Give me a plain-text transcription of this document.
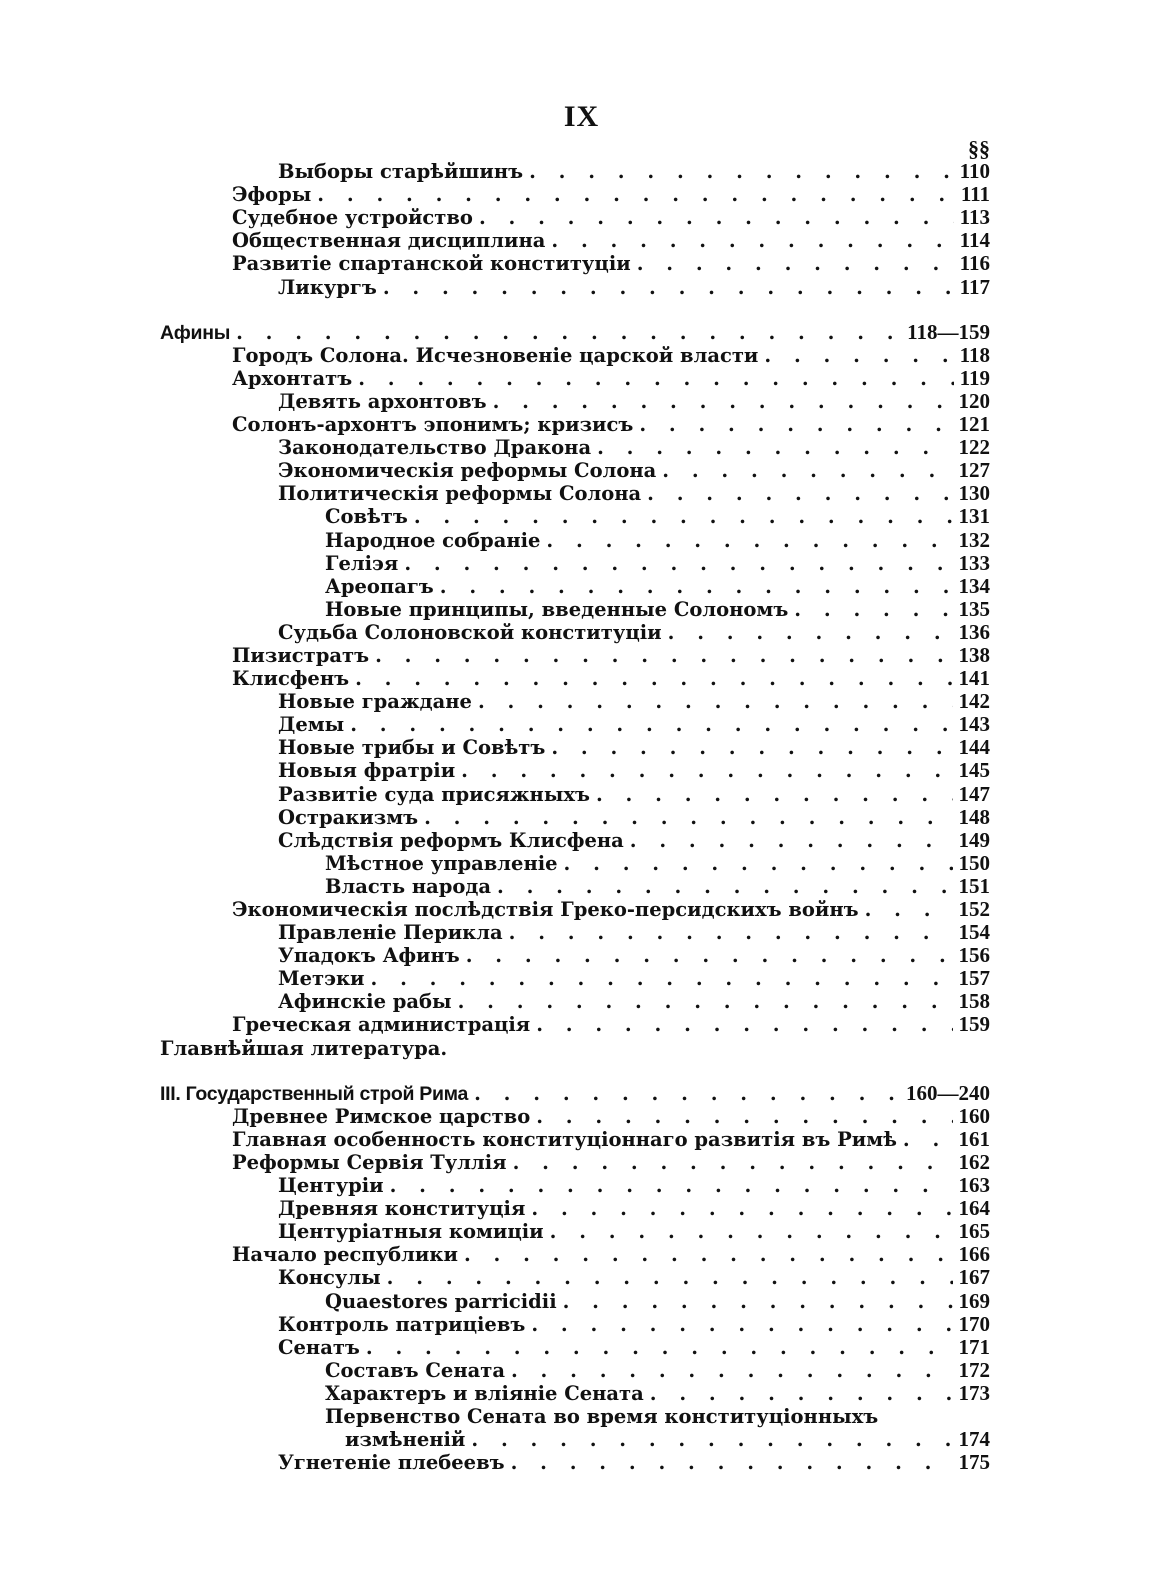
IX
§§
Выборы старѣйшинъ . . .	110
Эфоры . . .	111
Судебное устройство . . .	113
Общественная дисциплина . . .	114
Развитіе спартанской конституціи . . .	116
Ликургъ . . .	117
Афины . . .	118—159
Городъ Солона. Исчезновеніе царской власти . . .	118
Архонтатъ . . .	119
Девять архонтовъ . . .	120
Солонъ-архонтъ эпонимъ; кризисъ . . .	121
Законодательство Дракона . . .	122
Экономическія реформы Солона . . .	127
Политическія реформы Солона . . .	130
Совѣтъ . . .	131
Народное собраніе . . .	132
Геліэя . . .	133
Ареопагъ . . .	134
Новые принципы, введенные Солономъ . . .	135
Судьба Солоновской конституціи . . .	136
Пизистратъ . . .	138
Клисфенъ . . .	141
Новые граждане . . .	142
Демы . . .	143
Новые трибы и Совѣтъ . . .	144
Новыя фратріи . . .	145
Развитіе суда присяжныхъ . . .	147
Остракизмъ . . .	148
Слѣдствія реформъ Клисфена . . .	149
Мѣстное управленіе . . .	150
Власть народа . . .	151
Экономическія послѣдствія Греко-персидскихъ войнъ . . .	152
Правленіе Перикла . . .	154
Упадокъ Афинъ . . .	156
Метэки . . .	157
Афинскіе рабы . . .	158
Греческая администрація . . .	159
Главнѣйшая литература.
III. Государственный строй Рима . . .	160—240
Древнее Римское царство . . .	160
Главная особенность конституціоннаго развитія въ Римѣ . . .	161
Реформы Сервія Туллія . . .	162
Центуріи . . .	163
Древняя конституція . . .	164
Центуріатныя комиціи . . .	165
Начало республики . . .	166
Консулы . . .	167
Quaestores parricidii . . .	169
Контроль патриціевъ . . .	170
Сенатъ . . .	171
Составъ Сената . . .	172
Характеръ и вліяніе Сената . . .	173
Первенство Сената во время конституціонныхъ
измѣненій . . .	174
Угнетеніе плебеевъ . . .	175
